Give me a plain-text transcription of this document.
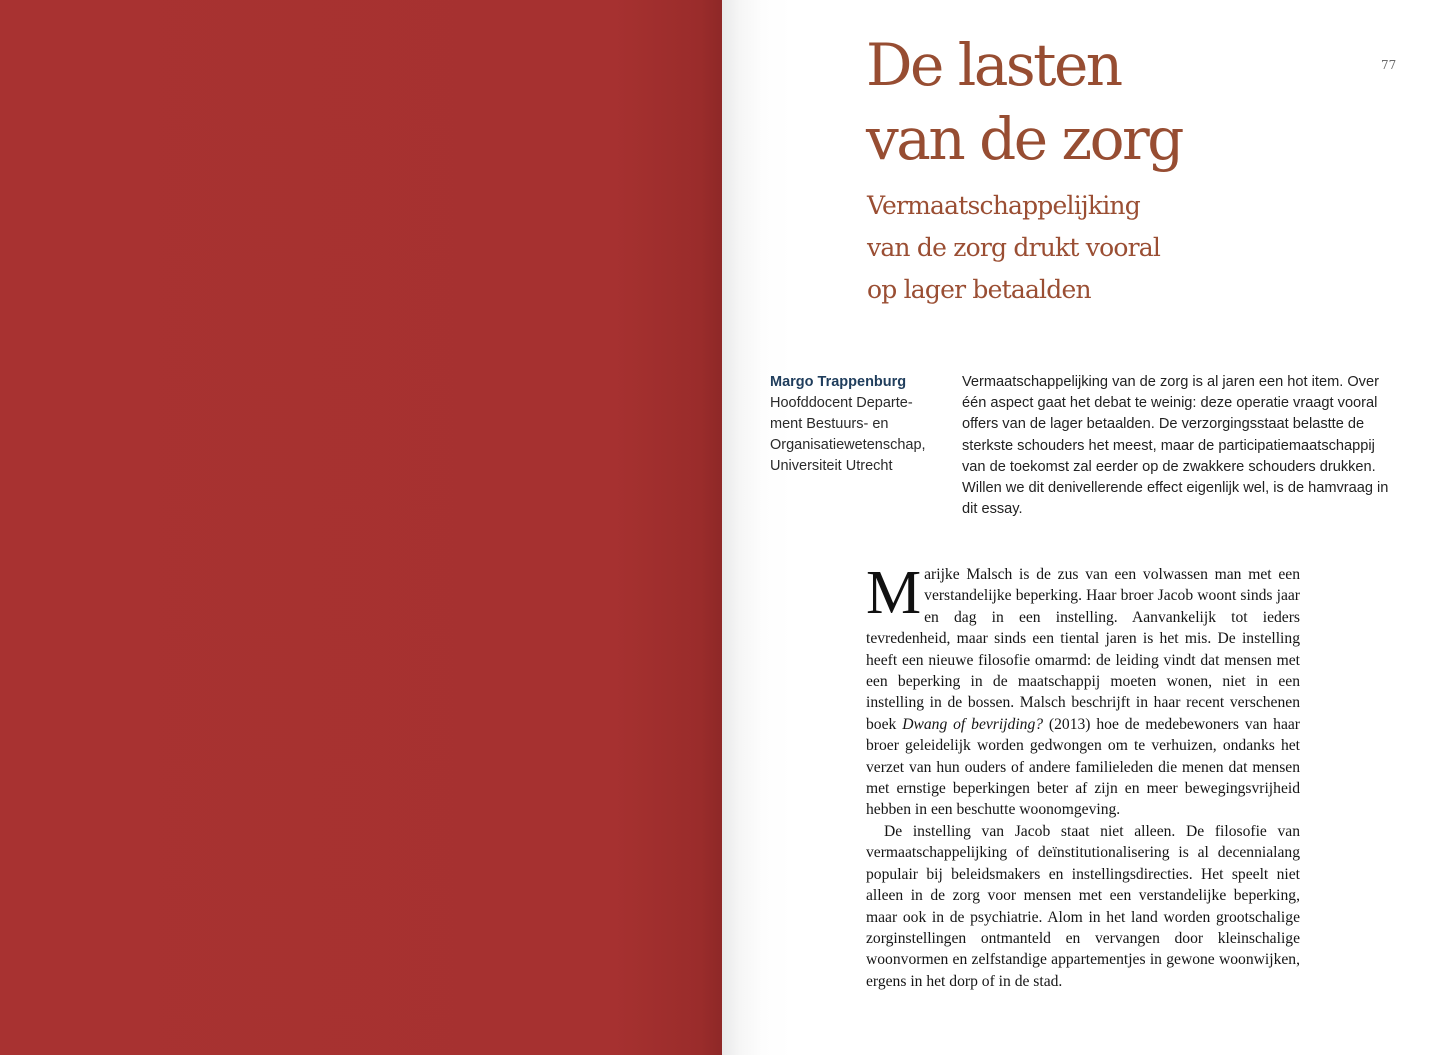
77
De lasten
van de zorg
Vermaatschappelijking
van de zorg drukt vooral
op lager betaalden
Margo Trappenburg
Hoofddocent Departe-
ment Bestuurs- en
Organisatiewetenschap,
Universiteit Utrecht

Vermaatschappelijking van de zorg is al jaren een hot item. Over één aspect gaat het debat te weinig: deze operatie vraagt vooral offers van de lager betaalden. De verzorgingsstaat belastte de sterkste schouders het meest, maar de participatiemaatschappij van de toekomst zal eerder op de zwakkere schouders drukken. Willen we dit denivellerende effect eigenlijk wel, is de hamvraag in dit essay.

Marijke Malsch is de zus van een volwassen man met een verstandelijke beperking. Haar broer Jacob woont sinds jaar en dag in een instelling. Aanvankelijk tot ieders tevredenheid, maar sinds een tiental jaren is het mis. De instelling heeft een nieuwe filosofie omarmd: de leiding vindt dat mensen met een beperking in de maatschappij moeten wonen, niet in een instelling in de bossen. Malsch beschrijft in haar recent verschenen boek Dwang of bevrijding? (2013) hoe de medebewoners van haar broer geleidelijk worden gedwongen om te verhuizen, ondanks het verzet van hun ouders of andere familieleden die menen dat mensen met ernstige beperkingen beter af zijn en meer bewegingsvrijheid hebben in een beschutte woonomgeving.

De instelling van Jacob staat niet alleen. De filosofie van vermaatschappelijking of deïnstitutionalisering is al decennialang populair bij beleidsmakers en instellingsdirecties. Het speelt niet alleen in de zorg voor mensen met een verstandelijke beperking, maar ook in de psychiatrie. Alom in het land worden grootschalige zorginstellingen ontmanteld en vervangen door kleinschalige woonvormen en zelfstandige appartementjes in gewone woonwijken, ergens in het dorp of in de stad.
